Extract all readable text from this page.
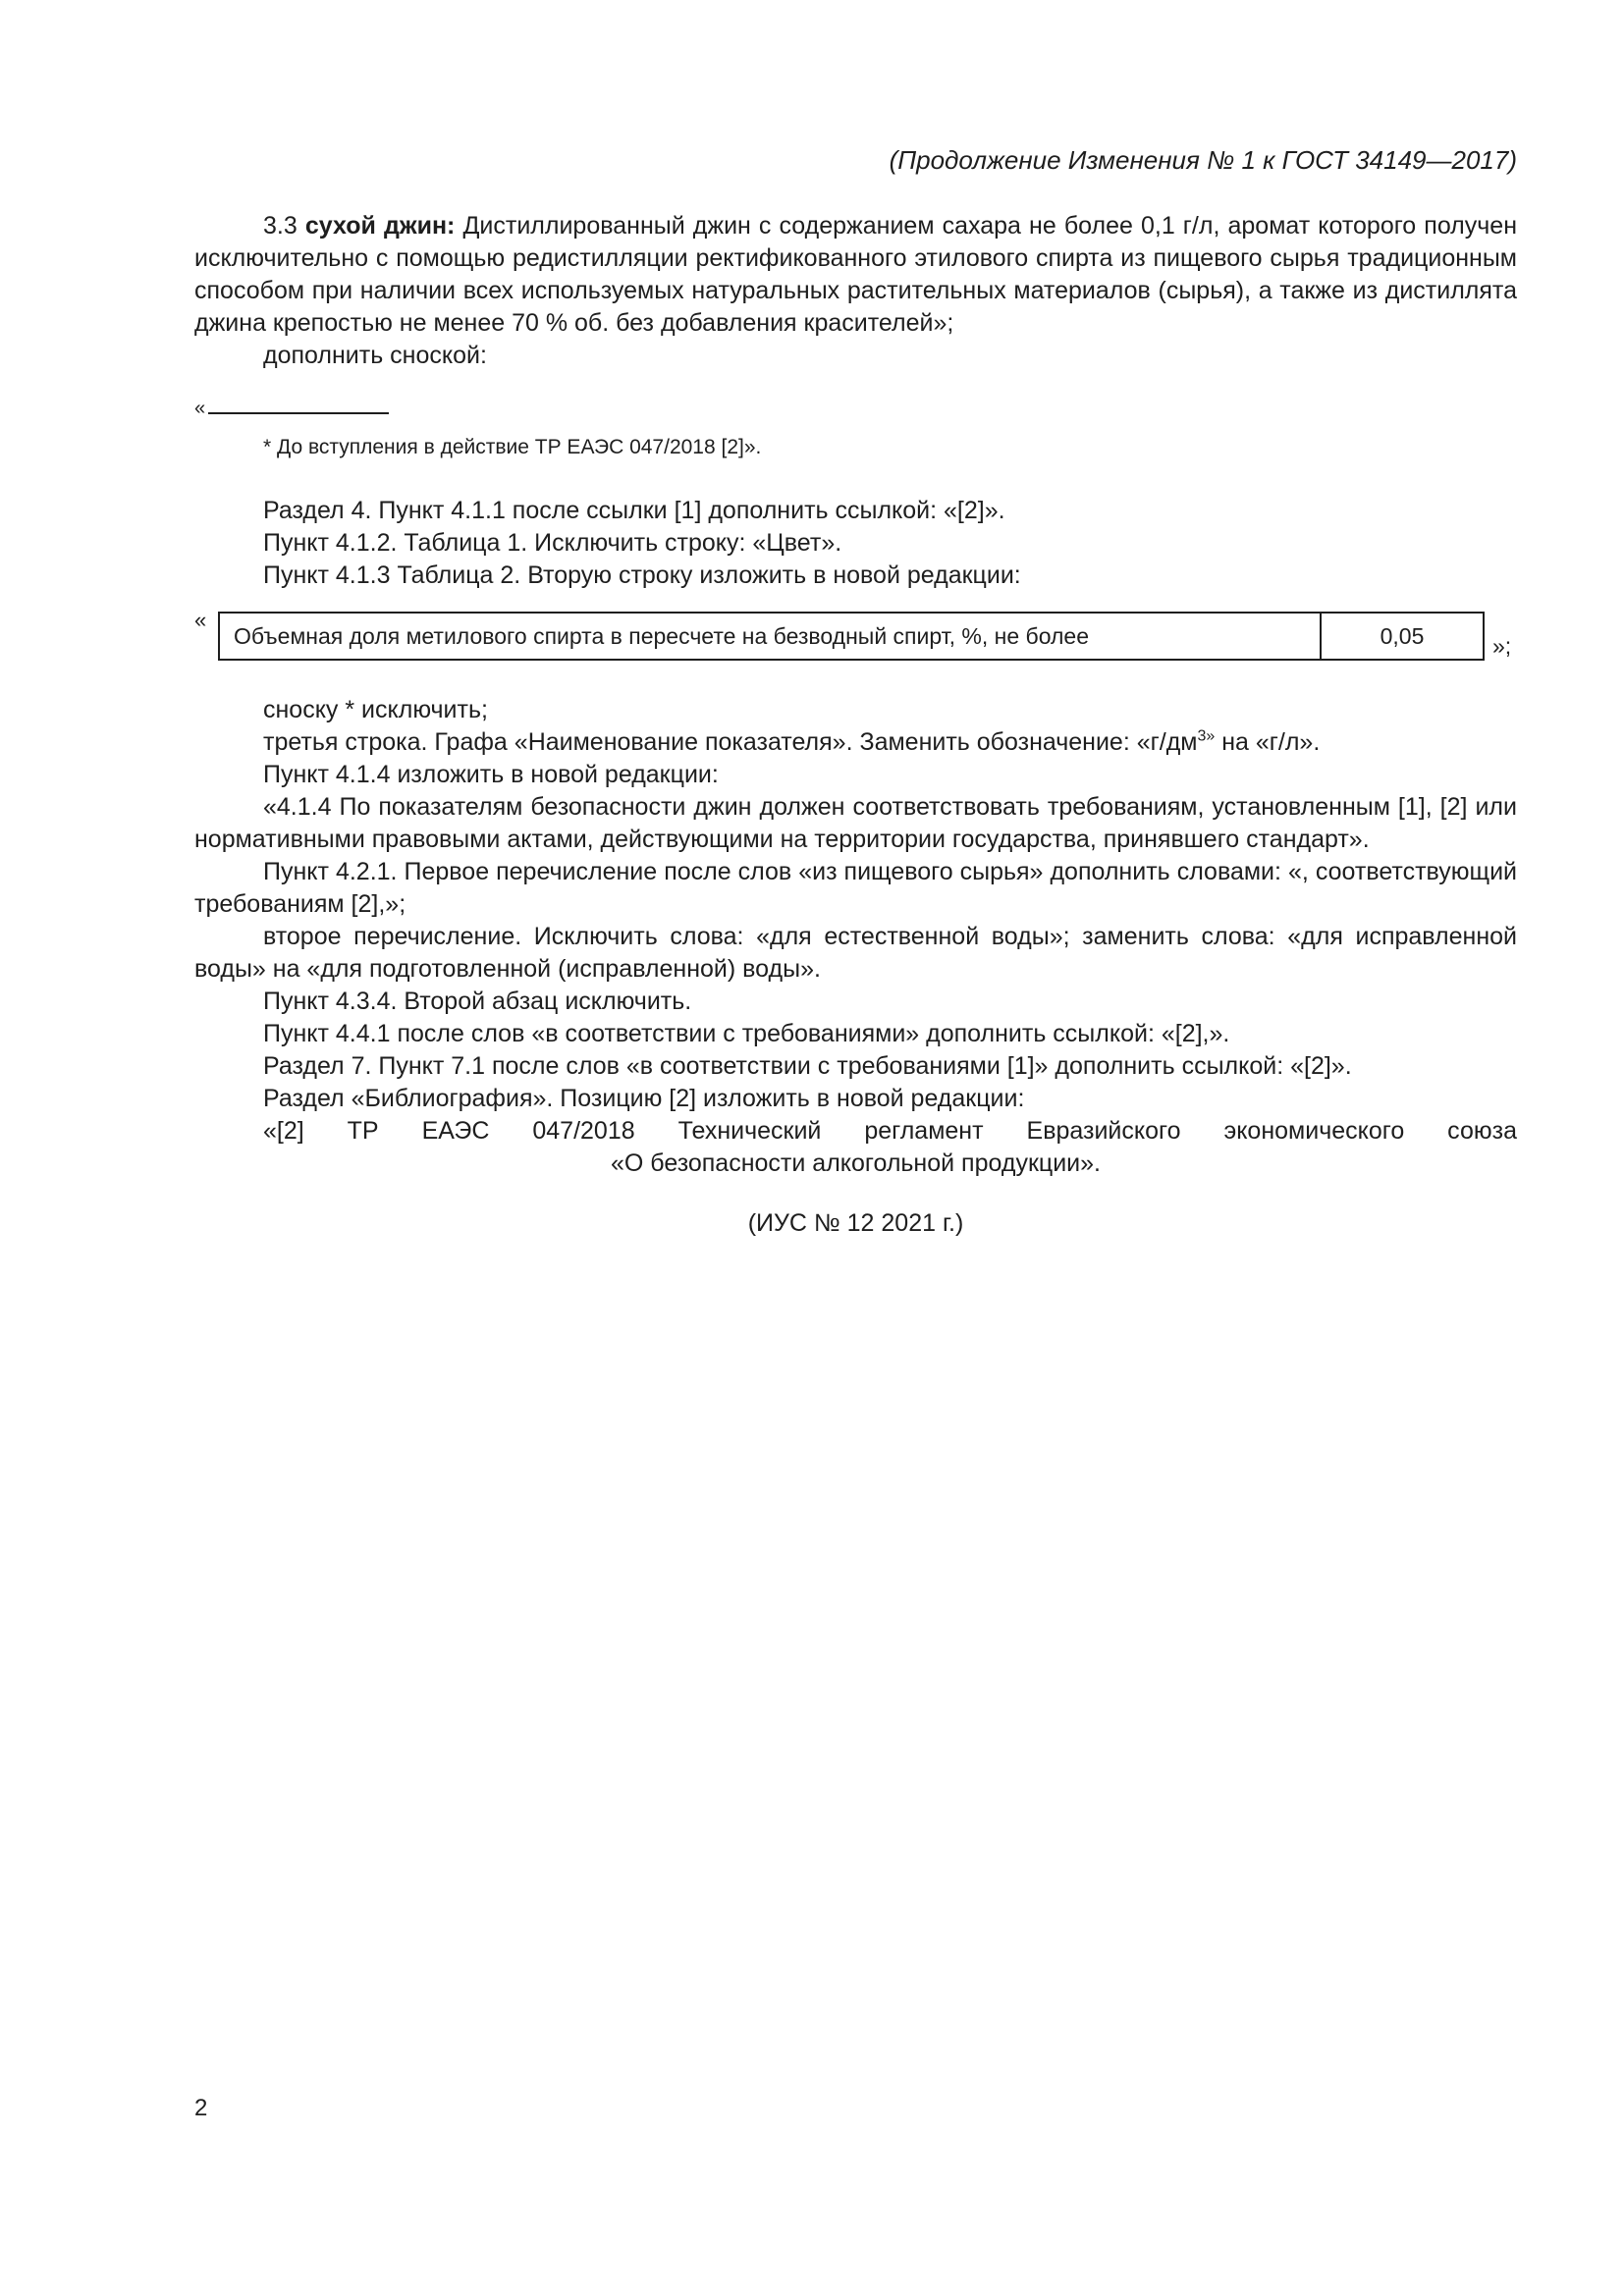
(Продолжение Изменения № 1 к ГОСТ 34149—2017)

3.3 сухой джин: Дистиллированный джин с содержанием сахара не более 0,1 г/л, аромат которого получен исключительно с помощью редистилляции ректификованного этилового спирта из пищевого сырья традиционным способом при наличии всех используемых натуральных растительных материалов (сырья), а также из дистиллята джина крепостью не менее 70 % об. без добавления красителей»;

дополнить сноской:

«
* До вступления в действие ТР ЕАЭС 047/2018 [2]».

Раздел 4. Пункт 4.1.1 после ссылки [1] дополнить ссылкой: «[2]».

Пункт 4.1.2. Таблица 1. Исключить строку: «Цвет».

Пункт 4.1.3 Таблица 2. Вторую строку изложить в новой редакции:

«
Объемная доля метилового спирта в пересчете на безводный спирт, %, не более	0,05	»;

сноску * исключить;

третья строка. Графа «Наименование показателя». Заменить обозначение: «$г/дм^{3»}$ на «г/л».

Пункт 4.1.4 изложить в новой редакции:

«4.1.4 По показателям безопасности джин должен соответствовать требованиям, установленным [1], [2] или нормативными правовыми актами, действующими на территории государства, принявшего стандарт».

Пункт 4.2.1. Первое перечисление после слов «из пищевого сырья» дополнить словами: «, соответствующий требованиям [2],»;

второе перечисление. Исключить слова: «для естественной воды»; заменить слова: «для исправленной воды» на «для подготовленной (исправленной) воды».

Пункт 4.3.4. Второй абзац исключить.

Пункт 4.4.1 после слов «в соответствии с требованиями» дополнить ссылкой: «[2],».

Раздел 7. Пункт 7.1 после слов «в соответствии с требованиями [1]» дополнить ссылкой: «[2]».

Раздел «Библиография». Позицию [2] изложить в новой редакции:

«[2] ТР ЕАЭС 047/2018 Технический регламент Евразийского экономического союза

«О безопасности алкогольной продукции».
(ИУС № 12 2021 г.)
2
